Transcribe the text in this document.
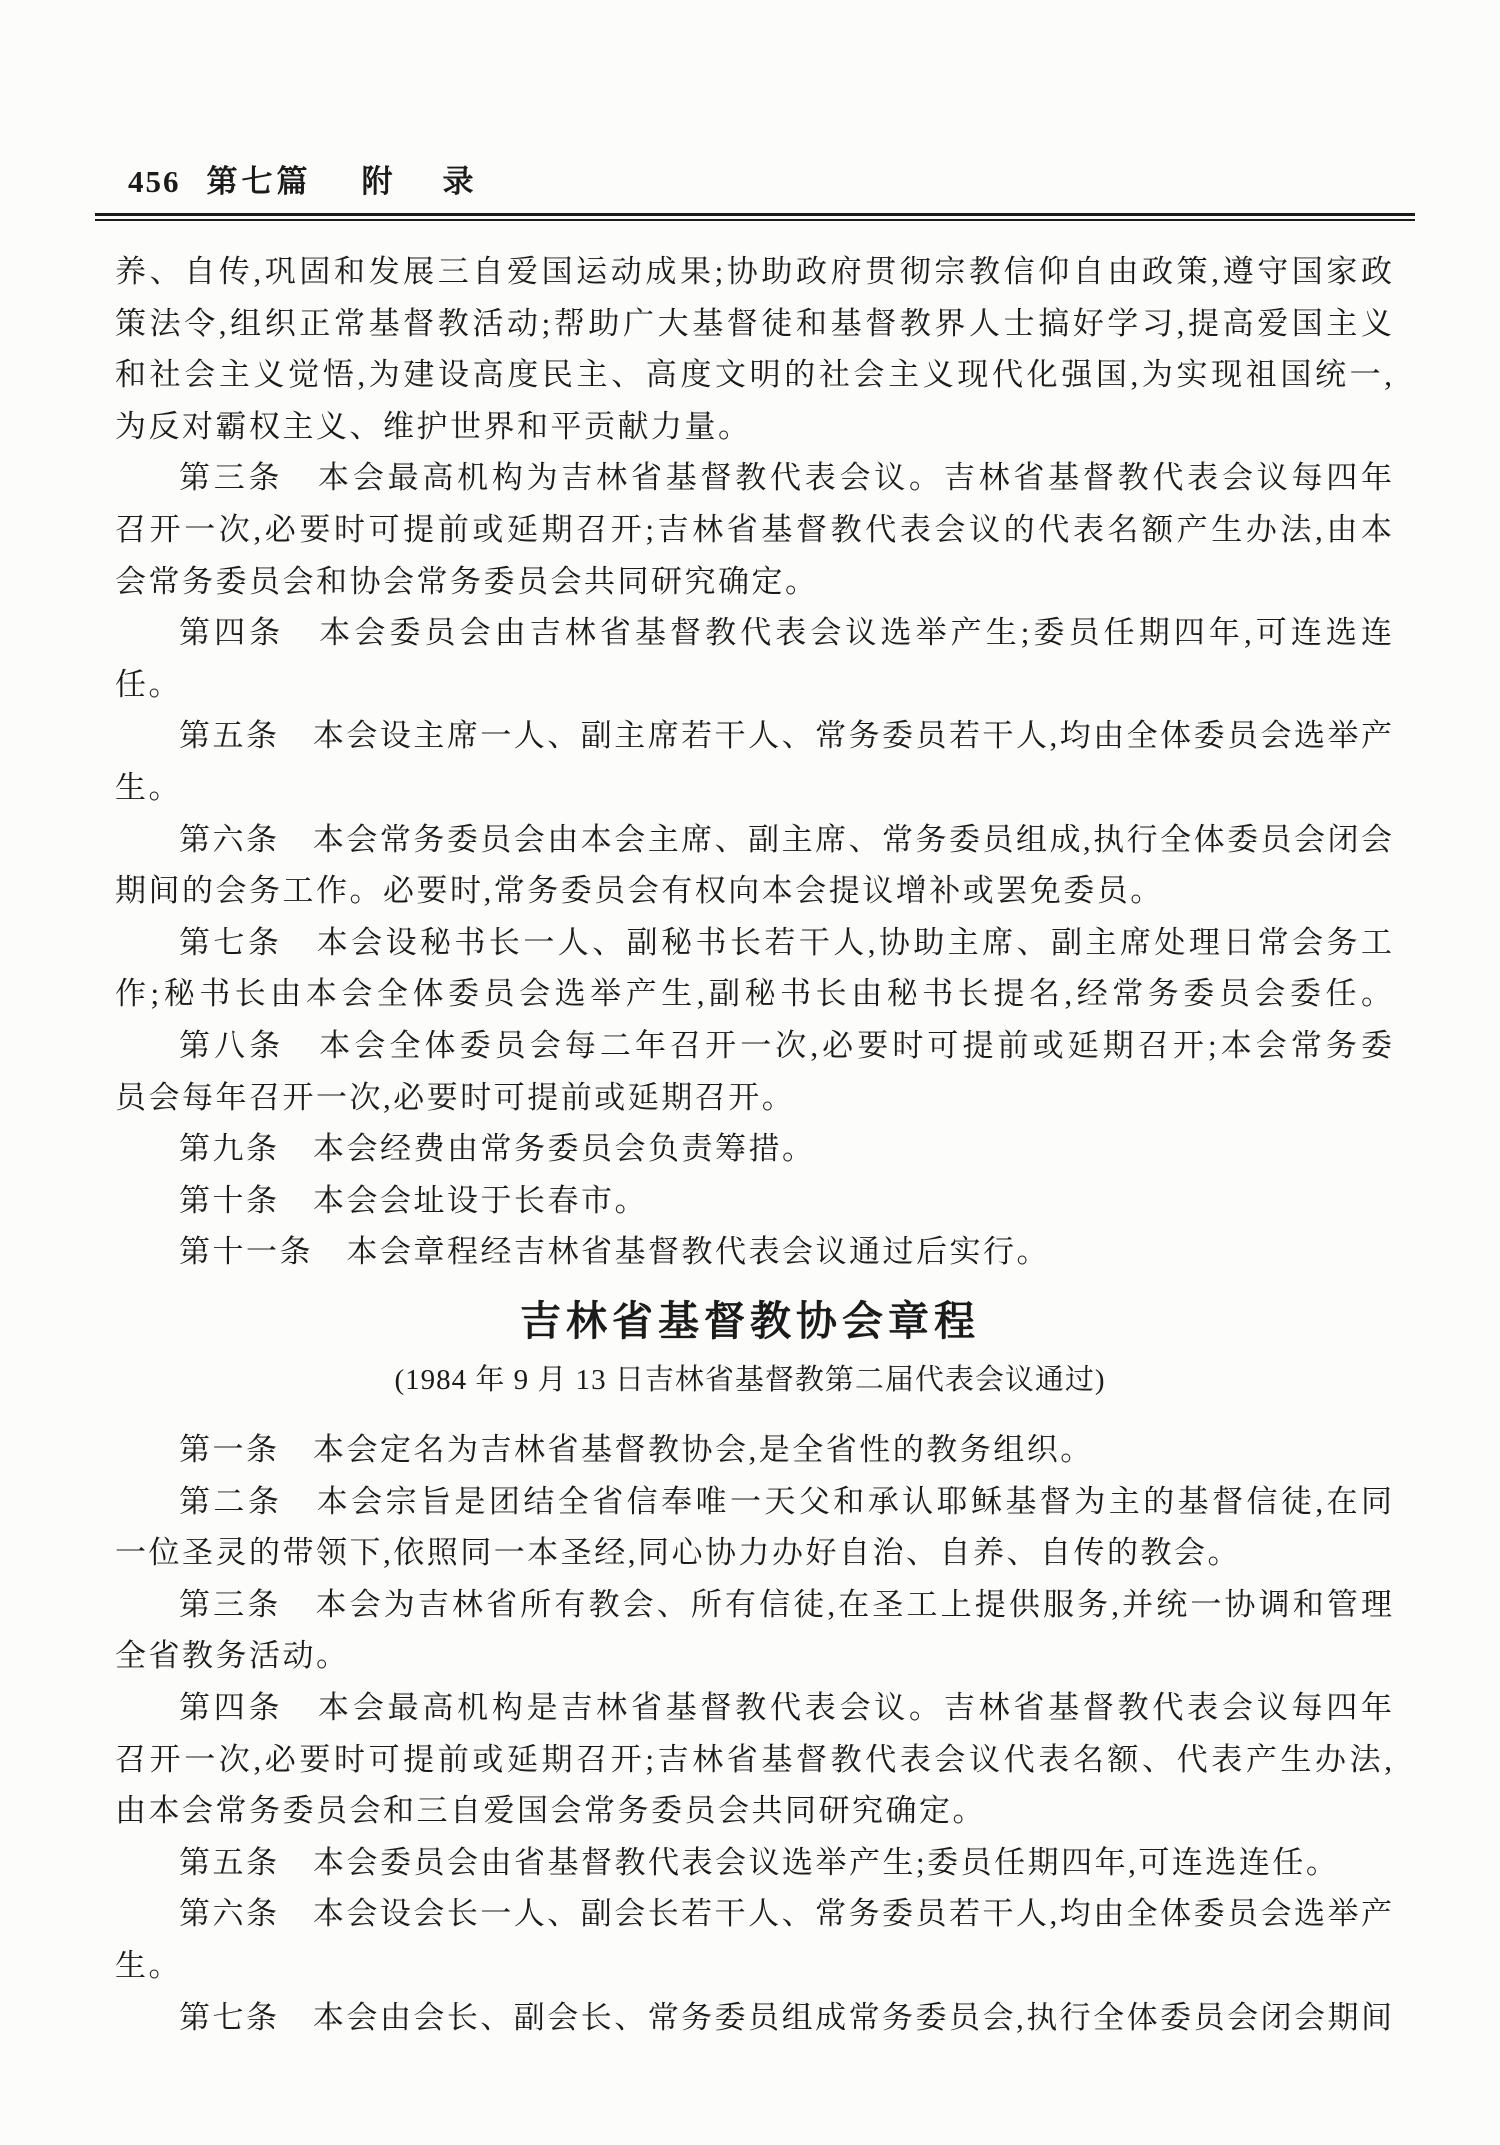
456 第七篇 附 录
养、自传,巩固和发展三自爱国运动成果;协助政府贯彻宗教信仰自由政策,遵守国家政
策法令,组织正常基督教活动;帮助广大基督徒和基督教界人士搞好学习,提高爱国主义
和社会主义觉悟,为建设高度民主、高度文明的社会主义现代化强国,为实现祖国统一,
为反对霸权主义、维护世界和平贡献力量。
第三条　本会最高机构为吉林省基督教代表会议。吉林省基督教代表会议每四年
召开一次,必要时可提前或延期召开;吉林省基督教代表会议的代表名额产生办法,由本
会常务委员会和协会常务委员会共同研究确定。
第四条　本会委员会由吉林省基督教代表会议选举产生;委员任期四年,可连选连
任。
第五条　本会设主席一人、副主席若干人、常务委员若干人,均由全体委员会选举产
生。
第六条　本会常务委员会由本会主席、副主席、常务委员组成,执行全体委员会闭会
期间的会务工作。必要时,常务委员会有权向本会提议增补或罢免委员。
第七条　本会设秘书长一人、副秘书长若干人,协助主席、副主席处理日常会务工
作;秘书长由本会全体委员会选举产生,副秘书长由秘书长提名,经常务委员会委任。
第八条　本会全体委员会每二年召开一次,必要时可提前或延期召开;本会常务委
员会每年召开一次,必要时可提前或延期召开。
第九条　本会经费由常务委员会负责筹措。
第十条　本会会址设于长春市。
第十一条　本会章程经吉林省基督教代表会议通过后实行。
吉林省基督教协会章程
(1984 年 9 月 13 日吉林省基督教第二届代表会议通过)
第一条　本会定名为吉林省基督教协会,是全省性的教务组织。
第二条　本会宗旨是团结全省信奉唯一天父和承认耶稣基督为主的基督信徒,在同
一位圣灵的带领下,依照同一本圣经,同心协力办好自治、自养、自传的教会。
第三条　本会为吉林省所有教会、所有信徒,在圣工上提供服务,并统一协调和管理
全省教务活动。
第四条　本会最高机构是吉林省基督教代表会议。吉林省基督教代表会议每四年
召开一次,必要时可提前或延期召开;吉林省基督教代表会议代表名额、代表产生办法,
由本会常务委员会和三自爱国会常务委员会共同研究确定。
第五条　本会委员会由省基督教代表会议选举产生;委员任期四年,可连选连任。
第六条　本会设会长一人、副会长若干人、常务委员若干人,均由全体委员会选举产
生。
第七条　本会由会长、副会长、常务委员组成常务委员会,执行全体委员会闭会期间
